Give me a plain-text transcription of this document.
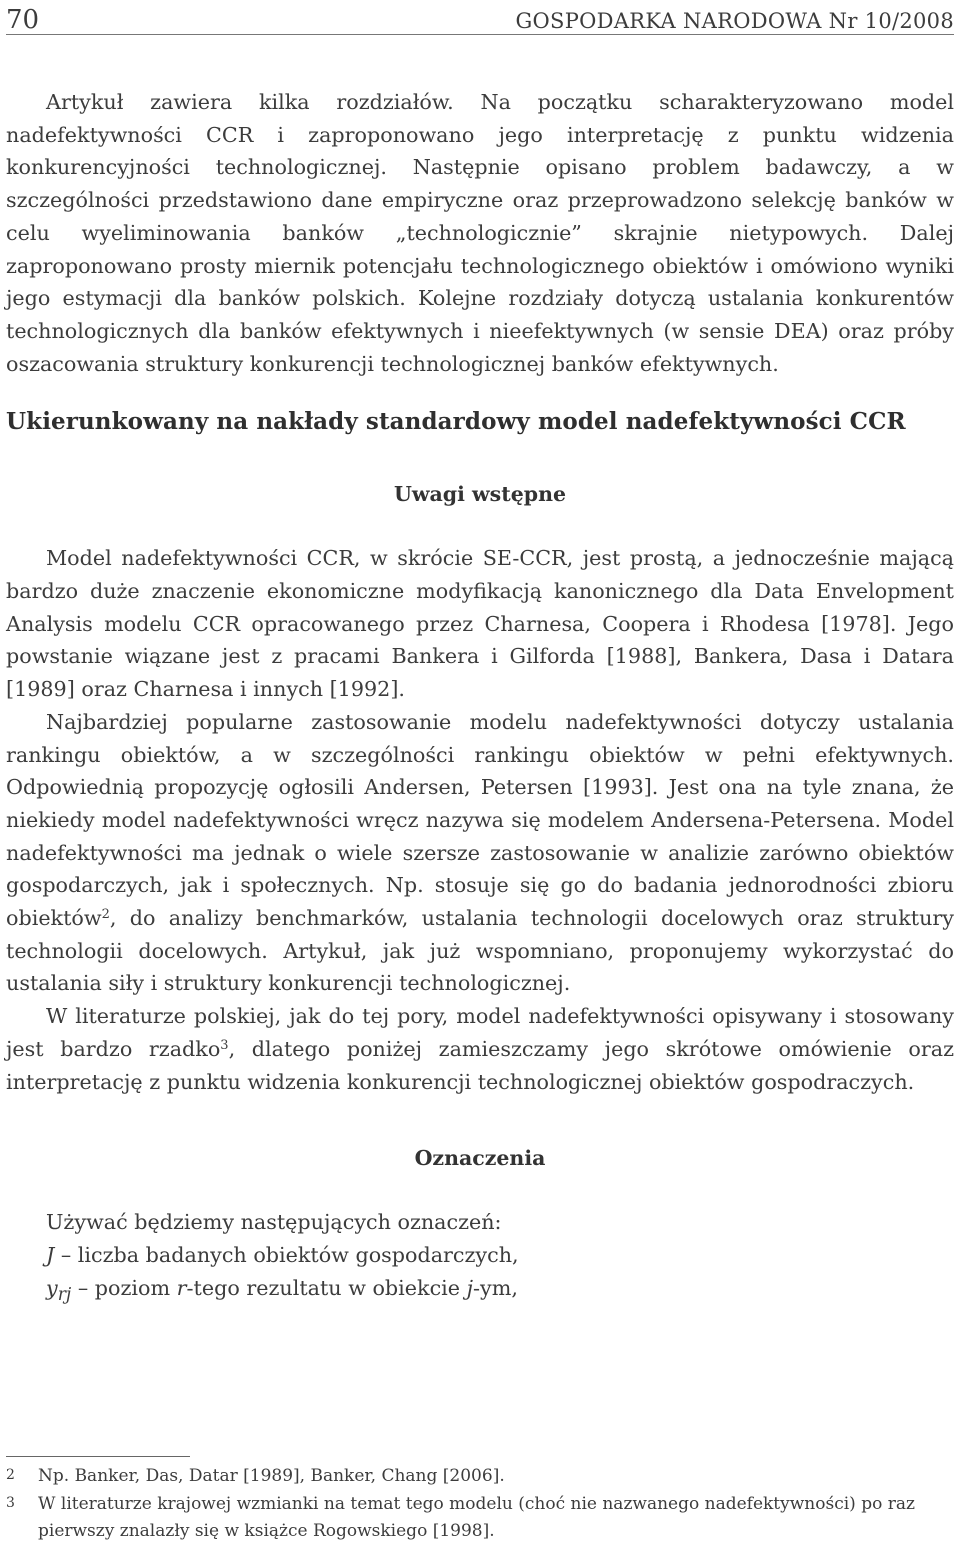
70	GOSPODARKA NARODOWA Nr 10/2008

Artykuł zawiera kilka rozdziałów. Na początku scharakteryzowano model nadefektywności CCR i zaproponowano jego interpretację z punktu widzenia konkurencyjności technologicznej. Następnie opisano problem badawczy, a w szczególności przedstawiono dane empiryczne oraz przeprowadzono selekcję banków w celu wyeliminowania banków „technologicznie” skrajnie nietypowych. Dalej zaproponowano prosty miernik potencjału technologicznego obiektów i omówiono wyniki jego estymacji dla banków polskich. Kolejne rozdziały dotyczą ustalania konkurentów technologicznych dla banków efektywnych i nieefektywnych (w sensie DEA) oraz próby oszacowania struktury konkurencji technologicznej banków efektywnych.

Ukierunkowany na nakłady standardowy model nadefektywności CCR
Uwagi wstępne

Model nadefektywności CCR, w skrócie SE-CCR, jest prostą, a jednocześnie mającą bardzo duże znaczenie ekonomiczne modyfikacją kanonicznego dla Data Envelopment Analysis modelu CCR opracowanego przez Charnesa, Coopera i Rhodesa [1978]. Jego powstanie wiązane jest z pracami Bankera i Gilforda [1988], Bankera, Dasa i Datara [1989] oraz Charnesa i innych [1992].

Najbardziej popularne zastosowanie modelu nadefektywności dotyczy ustalania rankingu obiektów, a w szczególności rankingu obiektów w pełni efektywnych. Odpowiednią propozycję ogłosili Andersen, Petersen [1993]. Jest ona na tyle znana, że niekiedy model nadefektywności wręcz nazywa się modelem Andersena-Petersena. Model nadefektywności ma jednak o wiele szersze zastosowanie w analizie zarówno obiektów gospodarczych, jak i społecznych. Np. stosuje się go do badania jednorodności zbioru obiektów$^2$, do analizy benchmarków, ustalania technologii docelowych oraz struktury technologii docelowych. Artykuł, jak już wspomniano, proponujemy wykorzystać do ustalania siły i struktury konkurencji technologicznej.

W literaturze polskiej, jak do tej pory, model nadefektywności opisywany i stosowany jest bardzo rzadko$^3$, dlatego poniżej zamieszczamy jego skrótowe omówienie oraz interpretację z punktu widzenia konkurencji technologicznej obiektów gospodraczych.

Oznaczenia
Używać będziemy następujących oznaczeń:
J – liczba badanych obiektów gospodarczych,
$y_{rj}$ – poziom r-tego rezultatu w obiekcie j-ym,
2	Np. Banker, Das, Datar [1989], Banker, Chang [2006].
3	W literaturze krajowej wzmianki na temat tego modelu (choć nie nazwanego nadefektywności) po raz pierwszy znalazły się w książce Rogowskiego [1998].
